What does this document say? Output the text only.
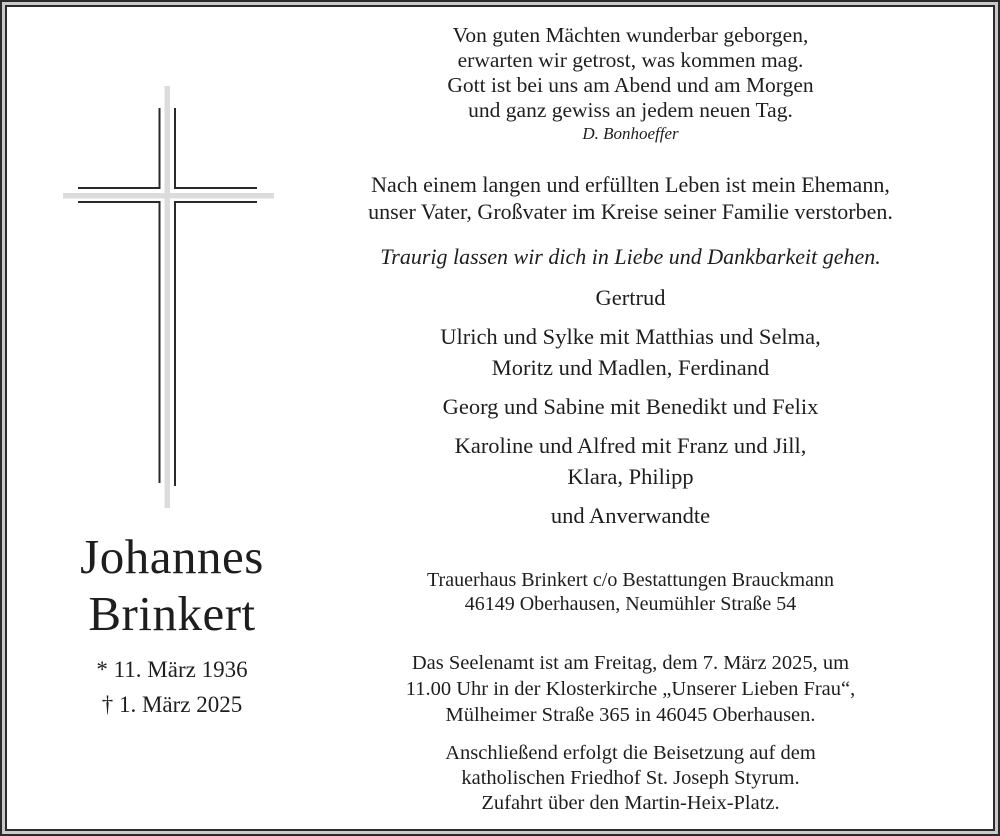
Johannes
Brinkert
* 11. März 1936
† 1. März 2025
Von guten Mächten wunderbar geborgen,
erwarten wir getrost, was kommen mag.
Gott ist bei uns am Abend und am Morgen
und ganz gewiss an jedem neuen Tag.
D. Bonhoeffer
Nach einem langen und erfüllten Leben ist mein Ehemann,
unser Vater, Großvater im Kreise seiner Familie verstorben.
Traurig lassen wir dich in Liebe und Dankbarkeit gehen.
Gertrud
Ulrich und Sylke mit Matthias und Selma,
Moritz und Madlen, Ferdinand
Georg und Sabine mit Benedikt und Felix
Karoline und Alfred mit Franz und Jill,
Klara, Philipp
und Anverwandte
Trauerhaus Brinkert c/o Bestattungen Brauckmann
46149 Oberhausen, Neumühler Straße 54
Das Seelenamt ist am Freitag, dem 7. März 2025, um
11.00 Uhr in der Klosterkirche „Unserer Lieben Frau“,
Mülheimer Straße 365 in 46045 Oberhausen.
Anschließend erfolgt die Beisetzung auf dem
katholischen Friedhof St. Joseph Styrum.
Zufahrt über den Martin-Heix-Platz.
